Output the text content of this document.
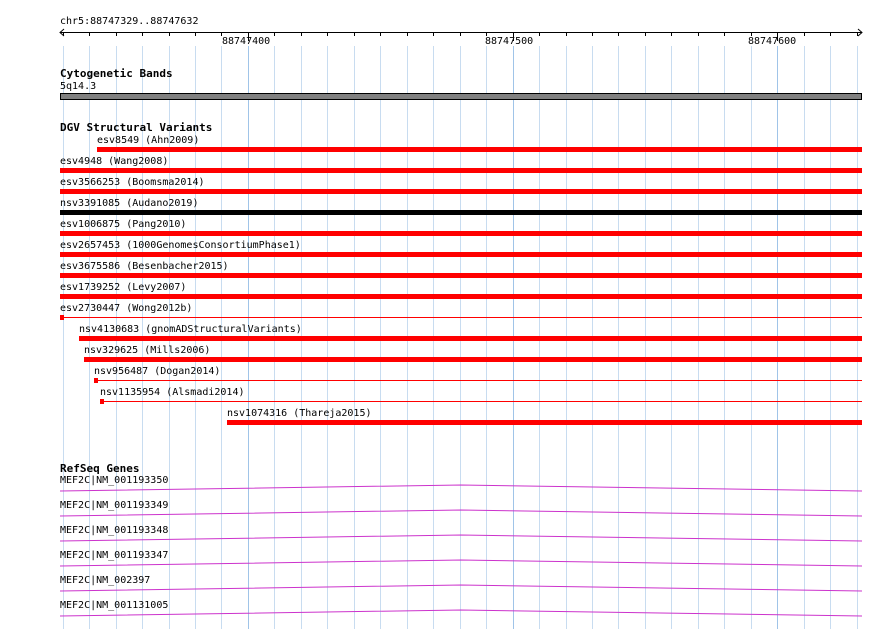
chr5:88747329..88747632
88747400	88747500	88747600
Cytogenetic Bands
5q14.3
DGV Structural Variants
esv8549 (Ahn2009)
esv4948 (Wang2008)
esv3566253 (Boomsma2014)
nsv3391085 (Audano2019)
esv1006875 (Pang2010)
esv2657453 (1000GenomesConsortiumPhase1)
esv3675586 (Besenbacher2015)
esv1739252 (Levy2007)
esv2730447 (Wong2012b)
nsv4130683 (gnomADStructuralVariants)
nsv329625 (Mills2006)
nsv956487 (Dogan2014)
nsv1135954 (Alsmadi2014)
nsv1074316 (Thareja2015)
RefSeq Genes
MEF2C|NM_001193350
MEF2C|NM_001193349
MEF2C|NM_001193348
MEF2C|NM_001193347
MEF2C|NM_002397
MEF2C|NM_001131005
